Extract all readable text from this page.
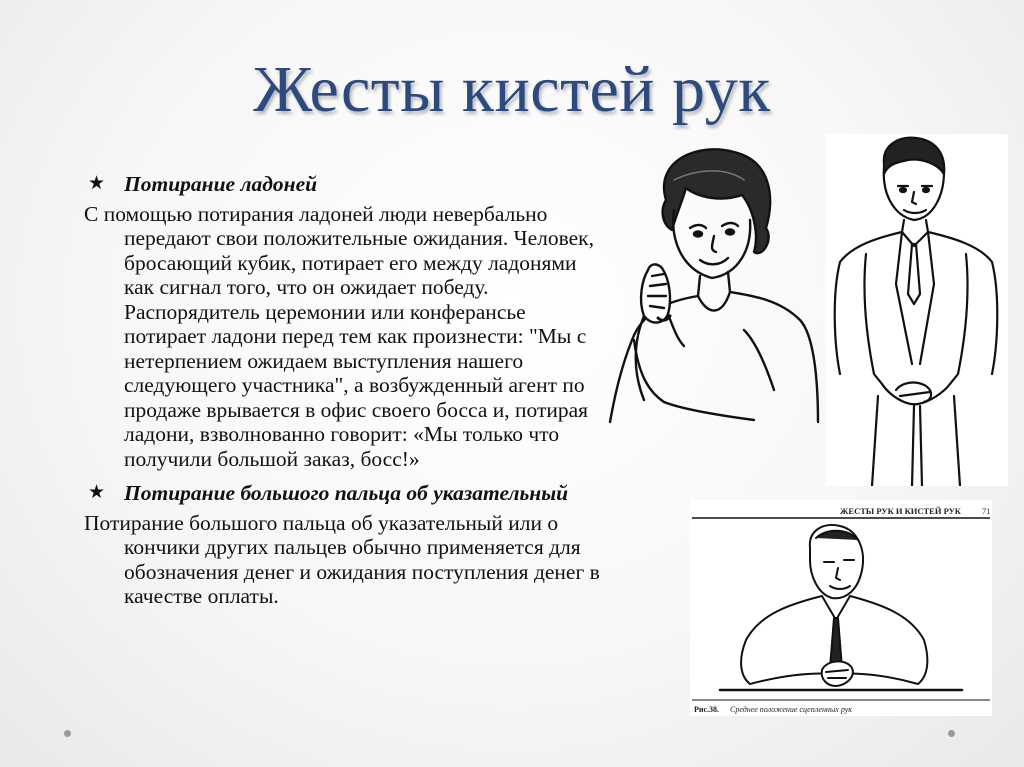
Жесты кистей рук
★ Потирание ладоней
С помощью потирания ладоней люди невербально передают свои положительные ожидания. Человек, бросающий кубик, потирает его между ладонями как сигнал того, что он ожидает победу. Распорядитель церемонии или конферансье потирает ладони перед тем как произнести: "Мы с нетерпением ожидаем выступления нашего следующего участника", а возбужденный агент по продаже врывается в офис своего босса и, потирая ладони, взволнованно говорит: «Мы только что получили большой заказ, босс!»
★ Потирание большого пальца об указательный
Потирание большого пальца об указательный или о кончики других пальцев обычно применяется для обозначения денег и ожидания поступления денег в качестве оплаты.
ЖЕСТЫ РУК И КИСТЕЙ РУК 71
Рис.38. Среднее положение сцепленных рук
